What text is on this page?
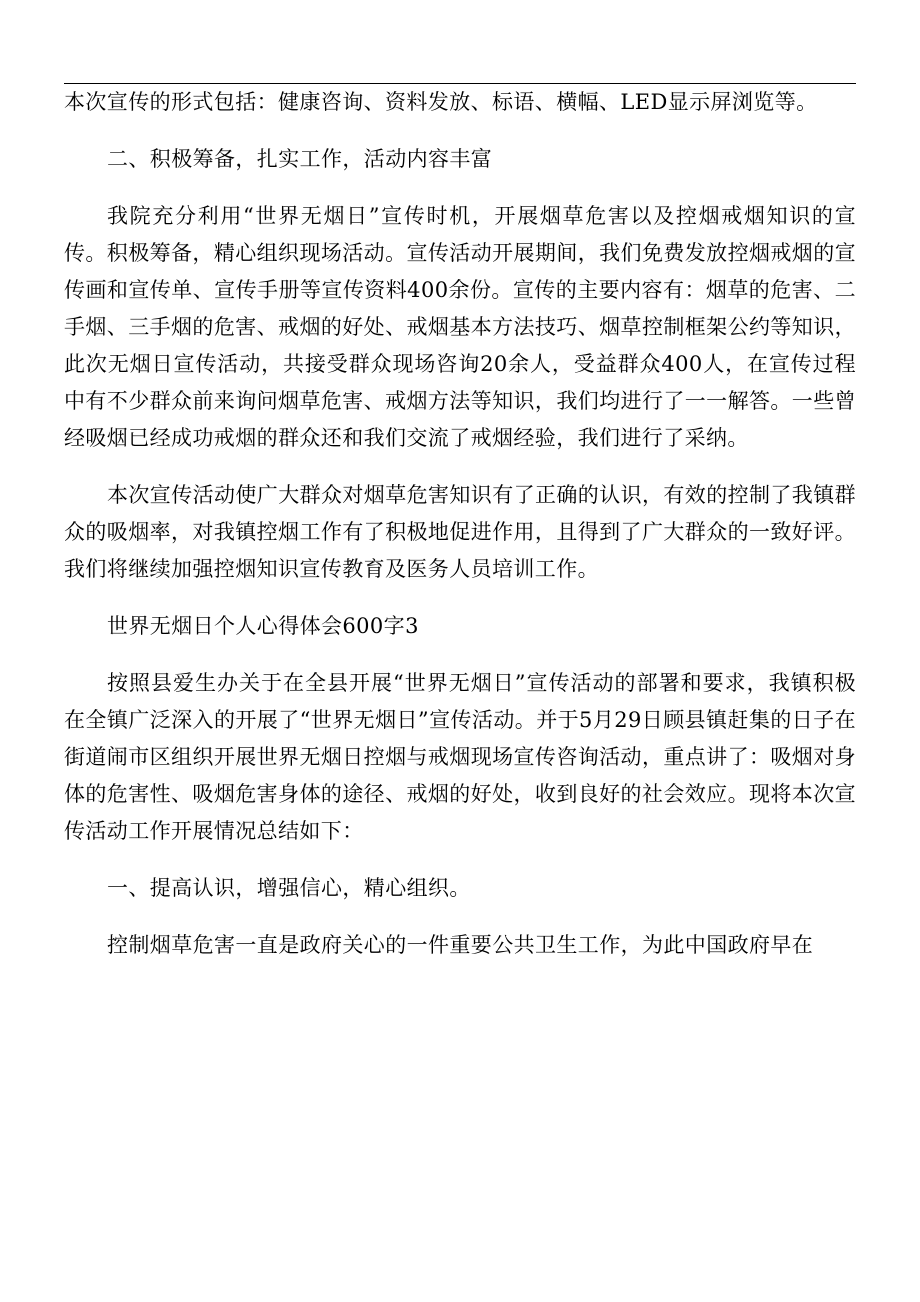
本次宣传的形式包括：健康咨询、资料发放、标语、横幅、LED显示屏浏览等。

二、积极筹备，扎实工作，活动内容丰富

我院充分利用“世界无烟日”宣传时机，开展烟草危害以及控烟戒烟知识的宣传。积极筹备，精心组织现场活动。宣传活动开展期间，我们免费发放控烟戒烟的宣传画和宣传单、宣传手册等宣传资料400余份。宣传的主要内容有：烟草的危害、二手烟、三手烟的危害、戒烟的好处、戒烟基本方法技巧、烟草控制框架公约等知识，此次无烟日宣传活动，共接受群众现场咨询20余人，受益群众400人，在宣传过程中有不少群众前来询问烟草危害、戒烟方法等知识，我们均进行了一一解答。一些曾经吸烟已经成功戒烟的群众还和我们交流了戒烟经验，我们进行了采纳。

本次宣传活动使广大群众对烟草危害知识有了正确的认识，有效的控制了我镇群众的吸烟率，对我镇控烟工作有了积极地促进作用，且得到了广大群众的一致好评。我们将继续加强控烟知识宣传教育及医务人员培训工作。

世界无烟日个人心得体会600字3

按照县爱生办关于在全县开展“世界无烟日”宣传活动的部署和要求，我镇积极在全镇广泛深入的开展了“世界无烟日”宣传活动。并于5月29日顾县镇赶集的日子在街道闹市区组织开展世界无烟日控烟与戒烟现场宣传咨询活动，重点讲了：吸烟对身体的危害性、吸烟危害身体的途径、戒烟的好处，收到良好的社会效应。现将本次宣传活动工作开展情况总结如下：

一、提高认识，增强信心，精心组织。

控制烟草危害一直是政府关心的一件重要公共卫生工作，为此中国政府早在
